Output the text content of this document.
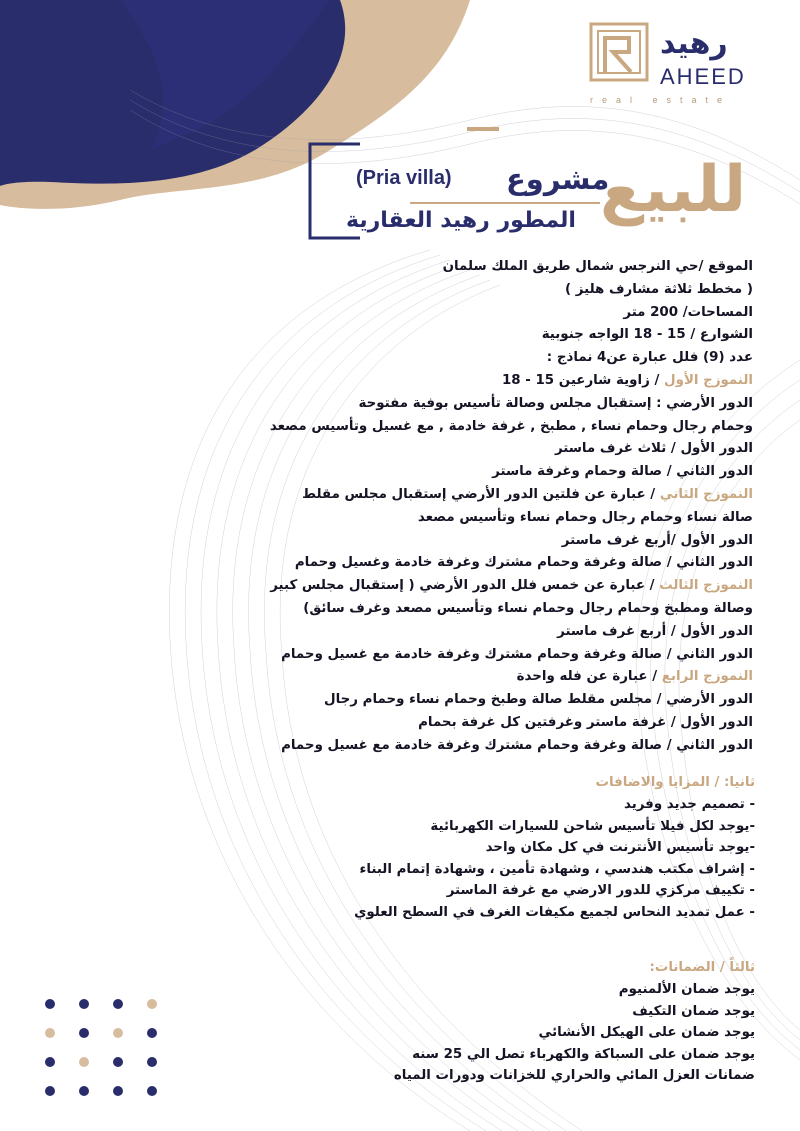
رهيد
AHEED
real estate
للبيع
مشروع
(Pria villa)
المطور رهيد العقارية
الموقع /حي النرجس شمال طريق الملك سلمان
( مخطط ثلاثة مشارف هليز )
المساحات/ 200 متر
الشوارع / 15 - 18 الواجه جنوبية
عدد (9) فلل عبارة عن4 نماذج :
النموزج الأول / زاوية شارعين 15 - 18
الدور الأرضي : إستقبال مجلس وصالة تأسيس بوفية مفتوحة
وحمام رجال وحمام نساء , مطبخ , غرفة خادمة , مع غسيل وتأسيس مصعد
الدور الأول / ثلاث غرف ماستر
الدور الثاني / صالة وحمام وغرفة ماستر
النموزج الثاني / عبارة عن فلتين الدور الأرضي إستقبال مجلس مقلط
صالة نساء وحمام رجال وحمام نساء وتأسيس مصعد
الدور الأول /أربع غرف ماستر
الدور الثاني / صالة وغرفة وحمام مشترك وغرفة خادمة وغسيل وحمام
النموزج الثالث / عبارة عن خمس فلل الدور الأرضي ( إستقبال مجلس كبير
وصالة ومطبخ وحمام رجال وحمام نساء وتأسيس مصعد وغرف سائق)
الدور الأول / أربع غرف ماستر
الدور الثاني / صالة وغرفة وحمام مشترك وغرفة خادمة مع غسيل وحمام
النموزج الرابع / عبارة عن فله واحدة
الدور الأرضي / مجلس مقلط صالة وطبخ وحمام نساء وحمام رجال
الدور الأول / غرفة ماستر وغرفتين كل غرفة بحمام
الدور الثاني / صالة وغرفة وحمام مشترك وغرفة خادمة مع غسيل وحمام
ثانيا: / المزايا والاضافات
- تصميم جديد وفريد
-يوجد لكل فيلا تأسيس شاحن للسيارات الكهربائية
-يوجد تأسيس الأنترنت في كل مكان واحد
- إشراف مكتب هندسي ، وشهادة تأمين ، وشهادة إتمام البناء
- تكييف مركزي للدور الارضي مع غرفة الماستر
- عمل تمديد النحاس لجميع مكيفات الغرف في السطح العلوي
ثالثاً / الضمانات:
يوجد ضمان الألمنيوم
يوجد ضمان التكيف
يوجد ضمان على الهيكل الأنشائي
يوجد ضمان على السباكة والكهرباء تصل الي 25 سنه
ضمانات العزل المائي والحراري للخزانات ودورات المياه
